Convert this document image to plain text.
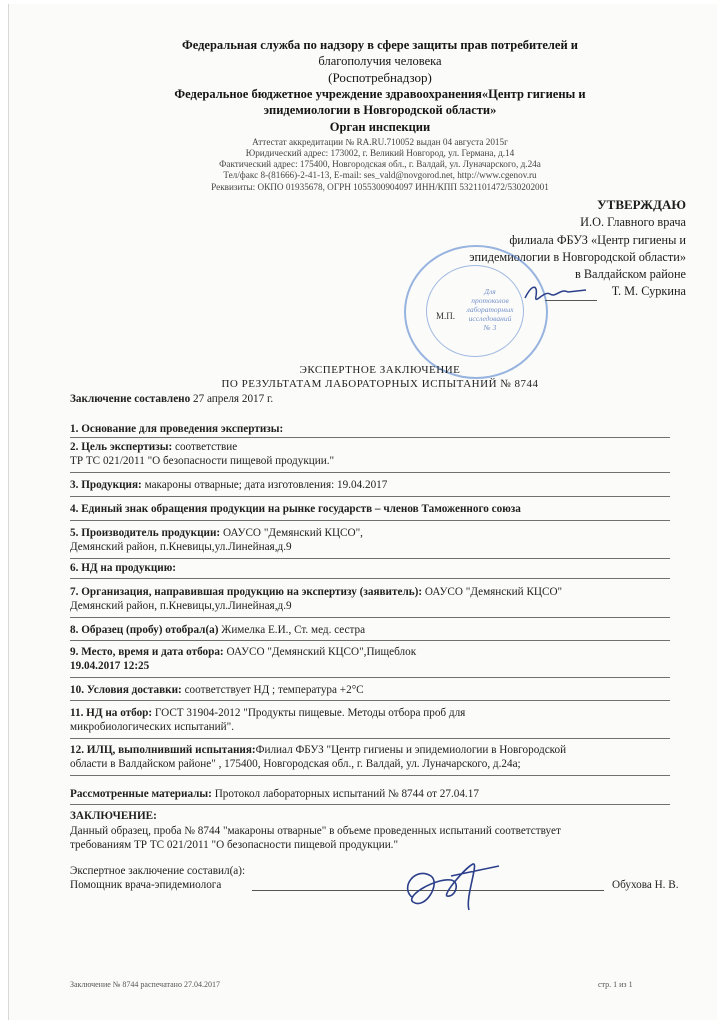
Федеральная служба по надзору в сфере защиты прав потребителей и
благополучия человека
(Роспотребнадзор)
Федеральное бюджетное учреждение здравоохранения«Центр гигиены и
эпидемиологии в Новгородской области»
Орган инспекции
Аттестат аккредитации № RA.RU.710052 выдан 04 августа 2015г
Юридический адрес: 173002, г. Великий Новгород, ул. Германа, д.14
Фактический адрес: 175400, Новгородская обл., г. Валдай, ул. Луначарского, д.24а
Тел/факс 8-(81666)-2-41-13, E-mail: ses_vald@novgorod.net, http://www.cgenov.ru
Реквизиты: ОКПО 01935678, ОГРН 1055300904097 ИНН/КПП 5321101472/530202001
УТВЕРЖДАЮ
И.О. Главного врача
филиала ФБУЗ «Центр гигиены и
эпидемиологии в Новгородской области»
в Валдайском районе
Т. М. Суркина
Для
протоколов
лабораторных
исследований
№ 3
М.П.
ЭКСПЕРТНОЕ ЗАКЛЮЧЕНИЕ
ПО РЕЗУЛЬТАТАМ ЛАБОРАТОРНЫХ ИСПЫТАНИЙ № 8744
Заключение составлено 27 апреля 2017 г.
1. Основание для проведения экспертизы:
2. Цель экспертизы: соответствие
ТР ТС 021/2011 "О безопасности пищевой продукции."
3. Продукция: макароны отварные; дата изготовления: 19.04.2017
4. Единый знак обращения продукции на рынке государств – членов Таможенного союза
5. Производитель продукции: ОАУСО "Демянский КЦСО",
Демянский район, п.Кневицы,ул.Линейная,д.9
6. НД на продукцию:
7. Организация, направившая продукцию на экспертизу (заявитель): ОАУСО "Демянский КЦСО"
Демянский район, п.Кневицы,ул.Линейная,д.9
8. Образец (пробу) отобрал(а) Жимелка Е.И., Ст. мед. сестра
9. Место, время и дата отбора: ОАУСО "Демянский КЦСО",Пищеблок
19.04.2017 12:25
10. Условия доставки: соответствует НД ; температура +2°С
11. НД на отбор: ГОСТ 31904-2012 "Продукты пищевые. Методы отбора проб для
микробиологических испытаний".
12. ИЛЦ, выполнивший испытания:Филиал ФБУЗ "Центр гигиены и эпидемиологии в Новгородской
области в Валдайском районе" , 175400, Новгородская обл., г. Валдай, ул. Луначарского, д.24а;
Рассмотренные материалы: Протокол лабораторных испытаний № 8744 от 27.04.17
ЗАКЛЮЧЕНИЕ:
Данный образец, проба № 8744 "макароны отварные" в объеме проведенных испытаний соответствует
требованиям ТР ТС 021/2011 "О безопасности пищевой продукции."
Экспертное заключение составил(а):
Помощник врача-эпидемиолога	Обухова Н. В.
Заключение № 8744 распечатано 27.04.2017	стр. 1 из 1
